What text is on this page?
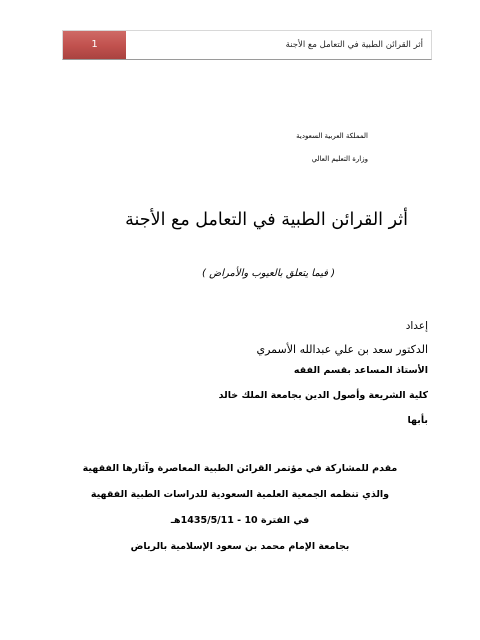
1	أثر القرائن الطبية في التعامل مع الأجنة
المملكة العربية السعودية
وزارة التعليم العالي
أثر القرائن الطبية في التعامل مع الأجنة
( فيما يتعلق بالعيوب والأمراض )
إعداد
الدكتور سعد بن علي عبدالله الأسمري
الأستاذ المساعد بقسم الفقه
كلية الشريعة وأصول الدين بجامعة الملك خالد
بأبها
مقدم للمشاركة في مؤتمر القرائن الطبية المعاصرة وآثارها الفقهية
والذي تنظمه الجمعية العلمية السعودية للدراسات الطبية الفقهية
في الفترة 10 - 1435/5/11هـ
بجامعة الإمام محمد بن سعود الإسلامية بالرياض
